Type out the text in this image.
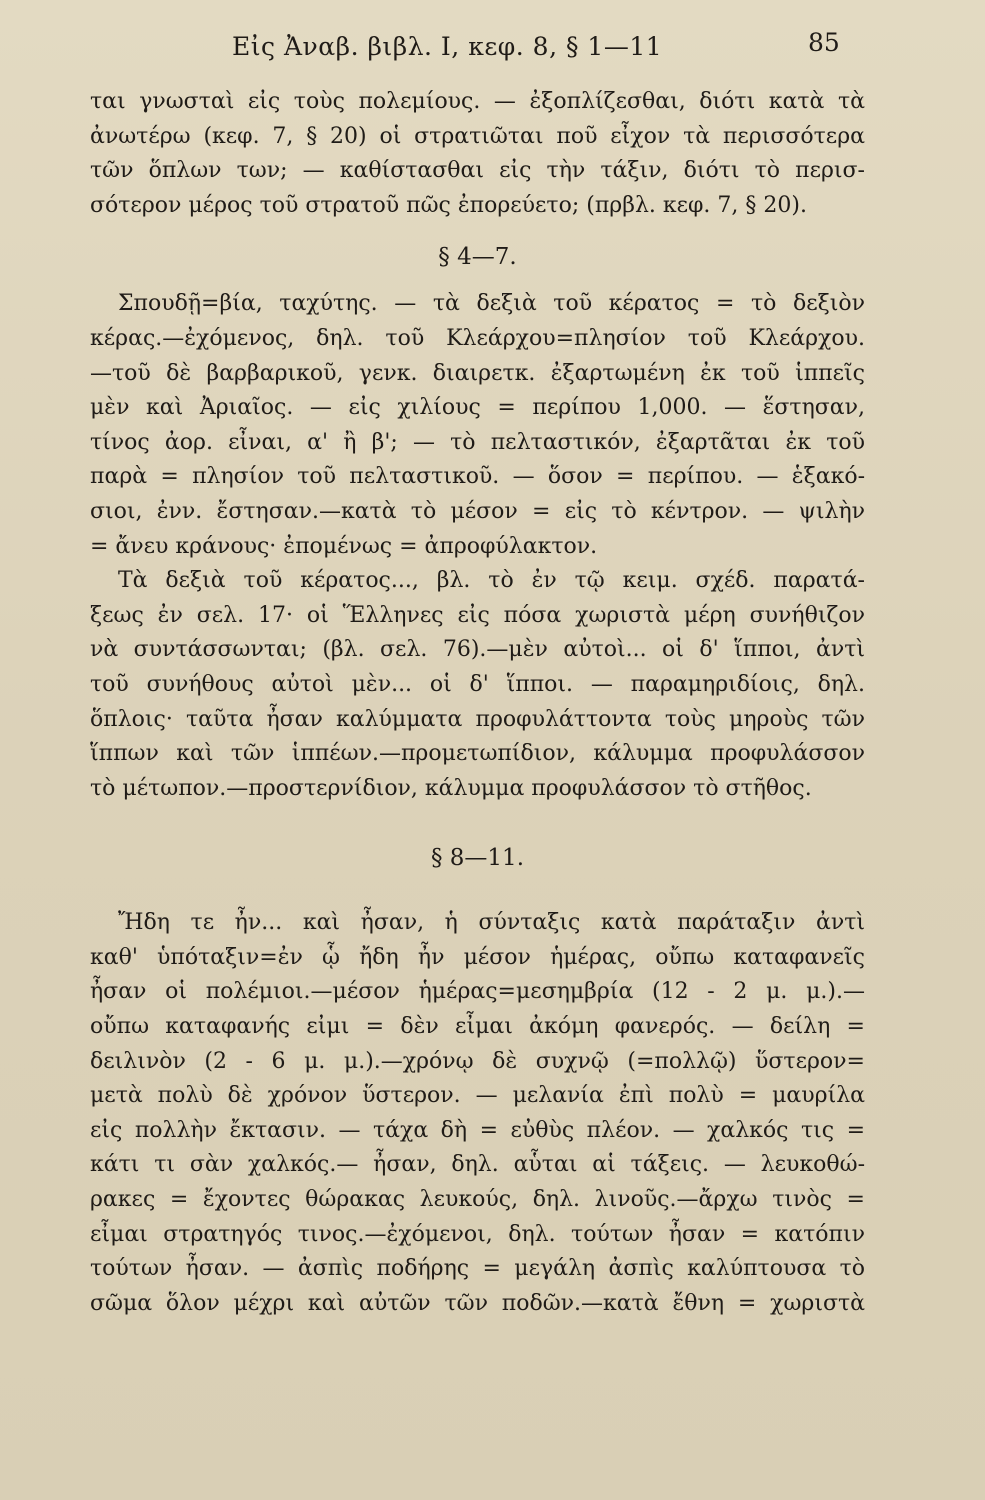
Εἰς Ἀναβ. βιβλ. I, κεφ. 8, § 1—11	85
ται γνωσταὶ εἰς τοὺς πολεμίους. — ἐξοπλίζεσθαι, διότι κατὰ τὰ
ἀνωτέρω (κεφ. 7, § 20) οἱ στρατιῶται ποῦ εἶχον τὰ περισσότερα
τῶν ὅπλων των; — καθίστασθαι εἰς τὴν τάξιν, διότι τὸ περισ-
σότερον μέρος τοῦ στρατοῦ πῶς ἐπορεύετο; (πρβλ. κεφ. 7, § 20).
§ 4—7.
Σπουδῇ=βία, ταχύτης. — τὰ δεξιὰ τοῦ κέρατος = τὸ δεξιὸν
κέρας.—ἐχόμενος, δηλ. τοῦ Κλεάρχου=πλησίον τοῦ Κλεάρχου.
—τοῦ δὲ βαρβαρικοῦ, γενκ. διαιρετκ. ἐξαρτωμένη ἐκ τοῦ ἱππεῖς
μὲν καὶ Ἀριαῖος. — εἰς χιλίους = περίπου 1,000. — ἕστησαν,
τίνος ἀορ. εἶναι, α' ἢ β'; — τὸ πελταστικόν, ἐξαρτᾶται ἐκ τοῦ
παρὰ = πλησίον τοῦ πελταστικοῦ. — ὅσον = περίπου. — ἑξακό-
σιοι, ἐνν. ἔστησαν.—κατὰ τὸ μέσον = εἰς τὸ κέντρον. — ψιλὴν
= ἄνευ κράνους· ἐπομένως = ἀπροφύλακτον.
Τὰ δεξιὰ τοῦ κέρατος..., βλ. τὸ ἐν τῷ κειμ. σχέδ. παρατά-
ξεως ἐν σελ. 17· οἱ Ἕλληνες εἰς πόσα χωριστὰ μέρη συνήθιζον
νὰ συντάσσωνται; (βλ. σελ. 76).—μὲν αὐτοὶ... οἱ δ' ἵπποι, ἀντὶ
τοῦ συνήθους αὐτοὶ μὲν... οἱ δ' ἵπποι. — παραμηριδίοις, δηλ.
ὅπλοις· ταῦτα ἦσαν καλύμματα προφυλάττοντα τοὺς μηροὺς τῶν
ἵππων καὶ τῶν ἱππέων.—προμετωπίδιον, κάλυμμα προφυλάσσον
τὸ μέτωπον.—προστερνίδιον, κάλυμμα προφυλάσσον τὸ στῆθος.
§ 8—11.
Ἤδη τε ἦν... καὶ ἦσαν, ἡ σύνταξις κατὰ παράταξιν ἀντὶ
καθ' ὑπόταξιν=ἐν ᾧ ἤδη ἦν μέσον ἡμέρας, οὔπω καταφανεῖς
ἦσαν οἱ πολέμιοι.—μέσον ἡμέρας=μεσημβρία (12 - 2 μ. μ.).—
οὔπω καταφανής εἰμι = δὲν εἶμαι ἀκόμη φανερός. — δείλη =
δειλινὸν (2 - 6 μ. μ.).—χρόνῳ δὲ συχνῷ (=πολλῷ) ὕστερον=
μετὰ πολὺ δὲ χρόνον ὕστερον. — μελανία ἐπὶ πολὺ = μαυρίλα
εἰς πολλὴν ἔκτασιν. — τάχα δὴ = εὐθὺς πλέον. — χαλκός τις =
κάτι τι σὰν χαλκός.— ἦσαν, δηλ. αὗται αἱ τάξεις. — λευκοθώ-
ρακες = ἔχοντες θώρακας λευκούς, δηλ. λινοῦς.—ἄρχω τινὸς =
εἶμαι στρατηγός τινος.—ἐχόμενοι, δηλ. τούτων ἦσαν = κατόπιν
τούτων ἦσαν. — ἀσπὶς ποδήρης = μεγάλη ἀσπὶς καλύπτουσα τὸ
σῶμα ὅλον μέχρι καὶ αὐτῶν τῶν ποδῶν.—κατὰ ἔθνη = χωριστὰ
